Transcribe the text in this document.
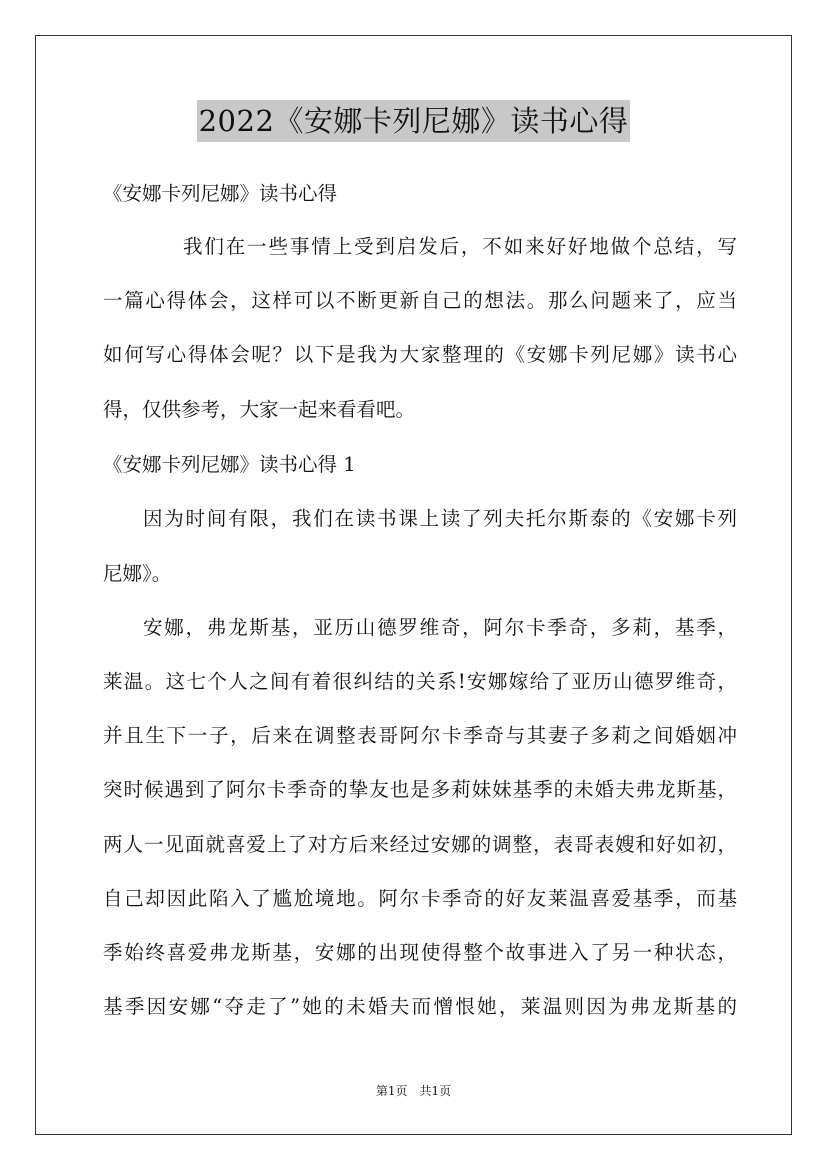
2022《安娜卡列尼娜》读书心得
《安娜卡列尼娜》读书心得
我们在一些事情上受到启发后，不如来好好地做个总结，写
一篇心得体会，这样可以不断更新自己的想法。那么问题来了，应当
如何写心得体会呢？以下是我为大家整理的《安娜卡列尼娜》读书心
得，仅供参考，大家一起来看看吧。
《安娜卡列尼娜》读书心得 1
因为时间有限，我们在读书课上读了列夫托尔斯泰的《安娜卡列
尼娜》。
安娜，弗龙斯基，亚历山德罗维奇，阿尔卡季奇，多莉，基季，
莱温。这七个人之间有着很纠结的关系!安娜嫁给了亚历山德罗维奇，
并且生下一子，后来在调整表哥阿尔卡季奇与其妻子多莉之间婚姻冲
突时候遇到了阿尔卡季奇的挚友也是多莉妹妹基季的未婚夫弗龙斯基，
两人一见面就喜爱上了对方后来经过安娜的调整，表哥表嫂和好如初，
自己却因此陷入了尴尬境地。阿尔卡季奇的好友莱温喜爱基季，而基
季始终喜爱弗龙斯基，安娜的出现使得整个故事进入了另一种状态，
基季因安娜“夺走了”她的未婚夫而憎恨她，莱温则因为弗龙斯基的
第1页　共1页
